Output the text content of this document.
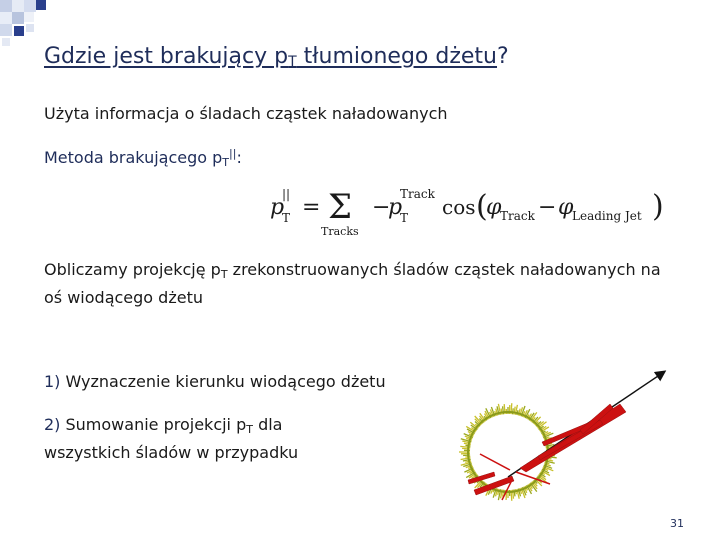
Gdzie jest brakujący $p_T$ tłumionego dżetu?
Użyta informacja o śladach cząstek naładowanych
Metoda brakującego $p_T^{||}$:
p
T
||
= Σ
Tracks
−
p
T
Track
cos (
φ
Track − φ
Leading Jet )
Obliczamy projekcję $p_T$ zrekonstruowanych śladów cząstek naładowanych na oś wiodącego dżetu
1) Wyznaczenie kierunku wiodącego dżetu
2) Sumowanie projekcji $p_T$ dla wszystkich śladów w przypadku
31
